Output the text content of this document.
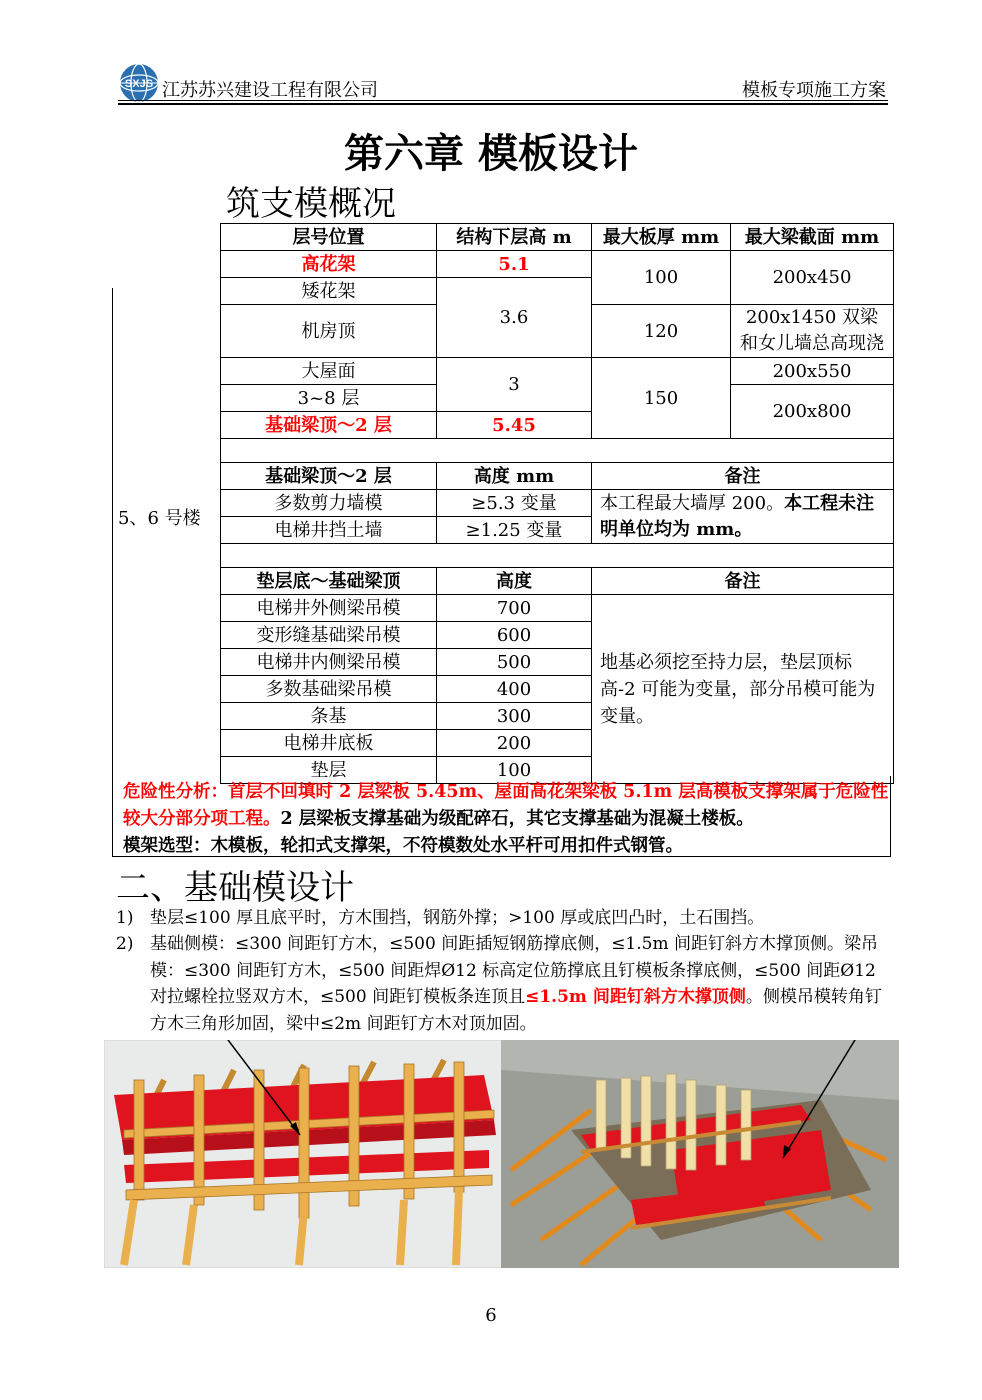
SXJS 江苏苏兴建设工程有限公司	模板专项施工方案
第六章 模板设计
筑支模概况
5、6 号楼
层号位置	结构下层高 m	最大板厚 mm	最大梁截面 mm
高花架	5.1	100	200x450
矮花架	3.6		
机房顶		120	200x1450 双梁和女儿墙总高现浇
大屋面	3	150	200x550
3~8 层			200x800
基础梁顶～2 层	5.45		

基础梁顶～2 层	高度 mm	备注	
多数剪力墙模	≥5.3 变量	本工程最大墙厚 200。本工程未注明单位均为 mm。	
电梯井挡土墙	≥1.25 变量		

垫层底～基础梁顶	高度	备注	
电梯井外侧梁吊模	700	地基必须挖至持力层，垫层顶标高-2 可能为变量，部分吊模可能为变量。	
变形缝基础梁吊模	600		
电梯井内侧梁吊模	500		
多数基础梁吊模	400		
条基	300		
电梯井底板	200		
垫层	100		
危险性分析：首层不回填时 2 层梁板 5.45m、屋面高花架梁板 5.1m 层高模板支撑架属于危险性较大分部分项工程。2 层梁板支撑基础为级配碎石，其它支撑基础为混凝土楼板。
模架选型：木模板，轮扣式支撑架，不符模数处水平杆可用扣件式钢管。
二、基础模设计
1) 垫层≤100 厚且底平时，方木围挡，钢筋外撑；>100 厚或底凹凸时，土石围挡。
2) 基础侧模：≤300 间距钉方木，≤500 间距插短钢筋撑底侧，≤1.5m 间距钉斜方木撑顶侧。梁吊模：≤300 间距钉方木，≤500 间距焊Ø12 标高定位筋撑底且钉模板条撑底侧，≤500 间距Ø12 对拉螺栓拉竖双方木，≤500 间距钉模板条连顶且≤1.5m 间距钉斜方木撑顶侧。侧模吊模转角钉方木三角形加固，梁中≤2m 间距钉方木对顶加固。
6
